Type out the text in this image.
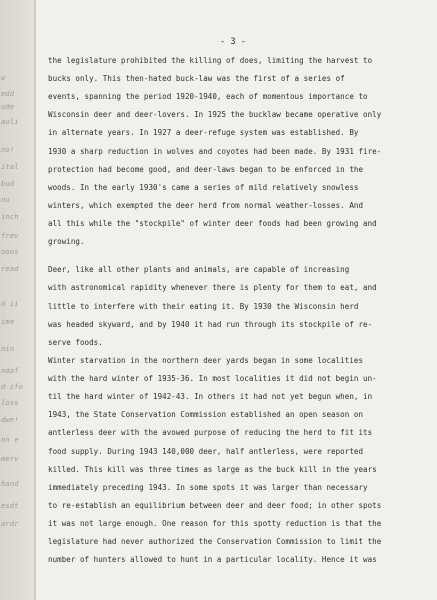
w
edd
ude
auli
no!
ital
bud
nu
inch
frev
ooos
read
d ii
ime
nin
ndaf
d ifo
loss
dwe!
nn e
merv
hand
esdt
ardr
- 3 -
the legislature prohibited the killing of does, limiting the harvest to
bucks only. This then-hated buck-law was the first of a series of
events, spanning the period 1920-1940, each of momentous importance to
Wisconsin deer and deer-lovers. In 1925 the bucklaw became operative only
in alternate years. In 1927 a deer-refuge system was established. By
1930 a sharp reduction in wolves and coyotes had been made. By 1931 fire-
protection had become good, and deer-laws began to be enforced in the
woods. In the early 1930's came a series of mild relatively snowless
winters, which exempted the deer herd from normal weather-losses. And
all this while the "stockpile" of winter deer foods had been growing and
growing.
Deer, like all other plants and animals, are capable of increasing
with astronomical rapidity whenever there is plenty for them to eat, and
little to interfere with their eating it. By 1930 the Wisconsin herd
was headed skyward, and by 1940 it had run through its stockpile of re-
serve foods.
Winter starvation in the northern deer yards began in some localities
with the hard winter of 1935-36. In most localities it did not begin un-
til the hard winter of 1942-43. In others it had not yet begun when, in
1943, the State Conservation Commission established an open season on
antlerless deer with the avowed purpose of reducing the herd to fit its
food supply. During 1943 140,000 deer, half antlerless, were reported
killed. This kill was three times as large as the buck kill in the years
immediately preceding 1943. In some spots it was larger than necessary
to re-establish an equilibrium between deer and deer food; in other spots
it was not large enough. One reason for this spotty reduction is that the
legislature had never authorized the Conservation Commission to limit the
number of hunters allowed to hunt in a particular locality. Hence it was
